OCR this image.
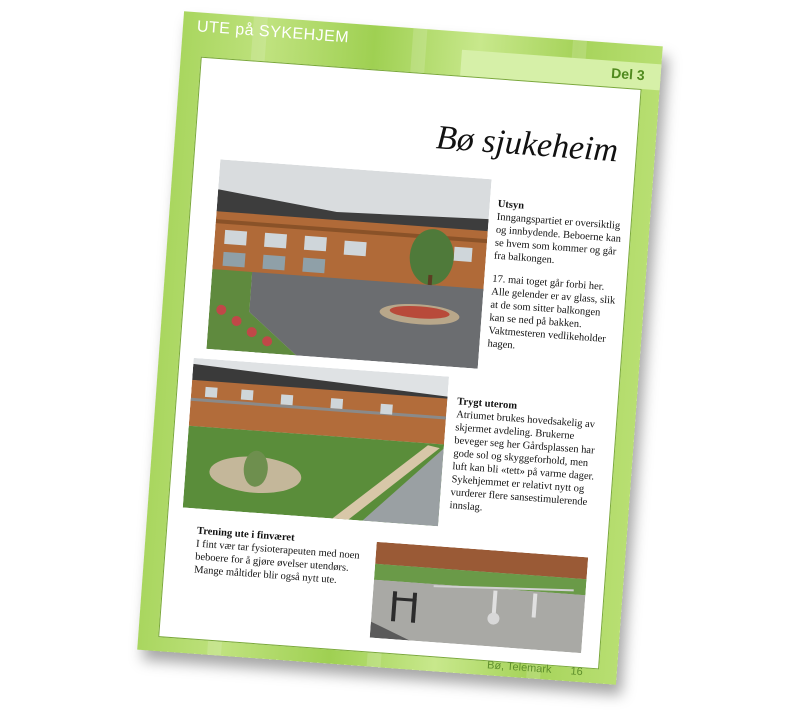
UTE på SYKEHJEM
Del 3
Bø sjukeheim
Utsyn

Inngangspartiet er oversiktlig og innbydende. Beboerne kan se hvem som kommer og går fra balkongen.

17. mai toget går forbi her. Alle gelender er av glass, slik at de som sitter balkongen kan se ned på bakken. Vaktmesteren vedlikeholder hagen.

Trygt uterom

Atriumet brukes hovedsakelig av skjermet avdeling. Brukerne beveger seg her Gårdsplassen har gode sol og skyggeforhold, men luft kan bli «tett» på varme dager. Sykehjemmet er relativt nytt og vurderer flere sansestimulerende innslag.

Trening ute i finværet

I fint vær tar fysioterapeuten med noen beboere for å gjøre øvelser utendørs. Mange måltider blir også nytt ute.

Bø, Telemark 16
